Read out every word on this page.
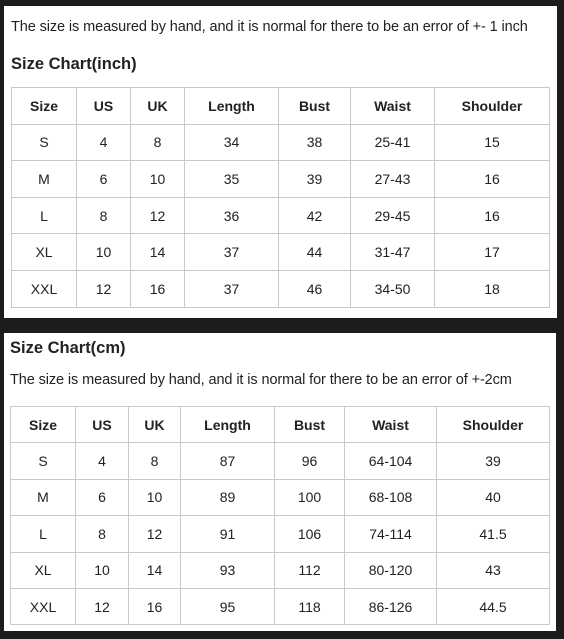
The size is measured by hand, and it is normal for there to be an error of +- 1 inch
Size Chart(inch)
Size	US	UK	Length	Bust	Waist	Shoulder
S	4	8	34	38	25-41	15
M	6	10	35	39	27-43	16
L	8	12	36	42	29-45	16
XL	10	14	37	44	31-47	17
XXL	12	16	37	46	34-50	18
Size Chart(cm)
The size is measured by hand, and it is normal for there to be an error of +-2cm
Size	US	UK	Length	Bust	Waist	Shoulder
S	4	8	87	96	64-104	39
M	6	10	89	100	68-108	40
L	8	12	91	106	74-114	41.5
XL	10	14	93	112	80-120	43
XXL	12	16	95	118	86-126	44.5
